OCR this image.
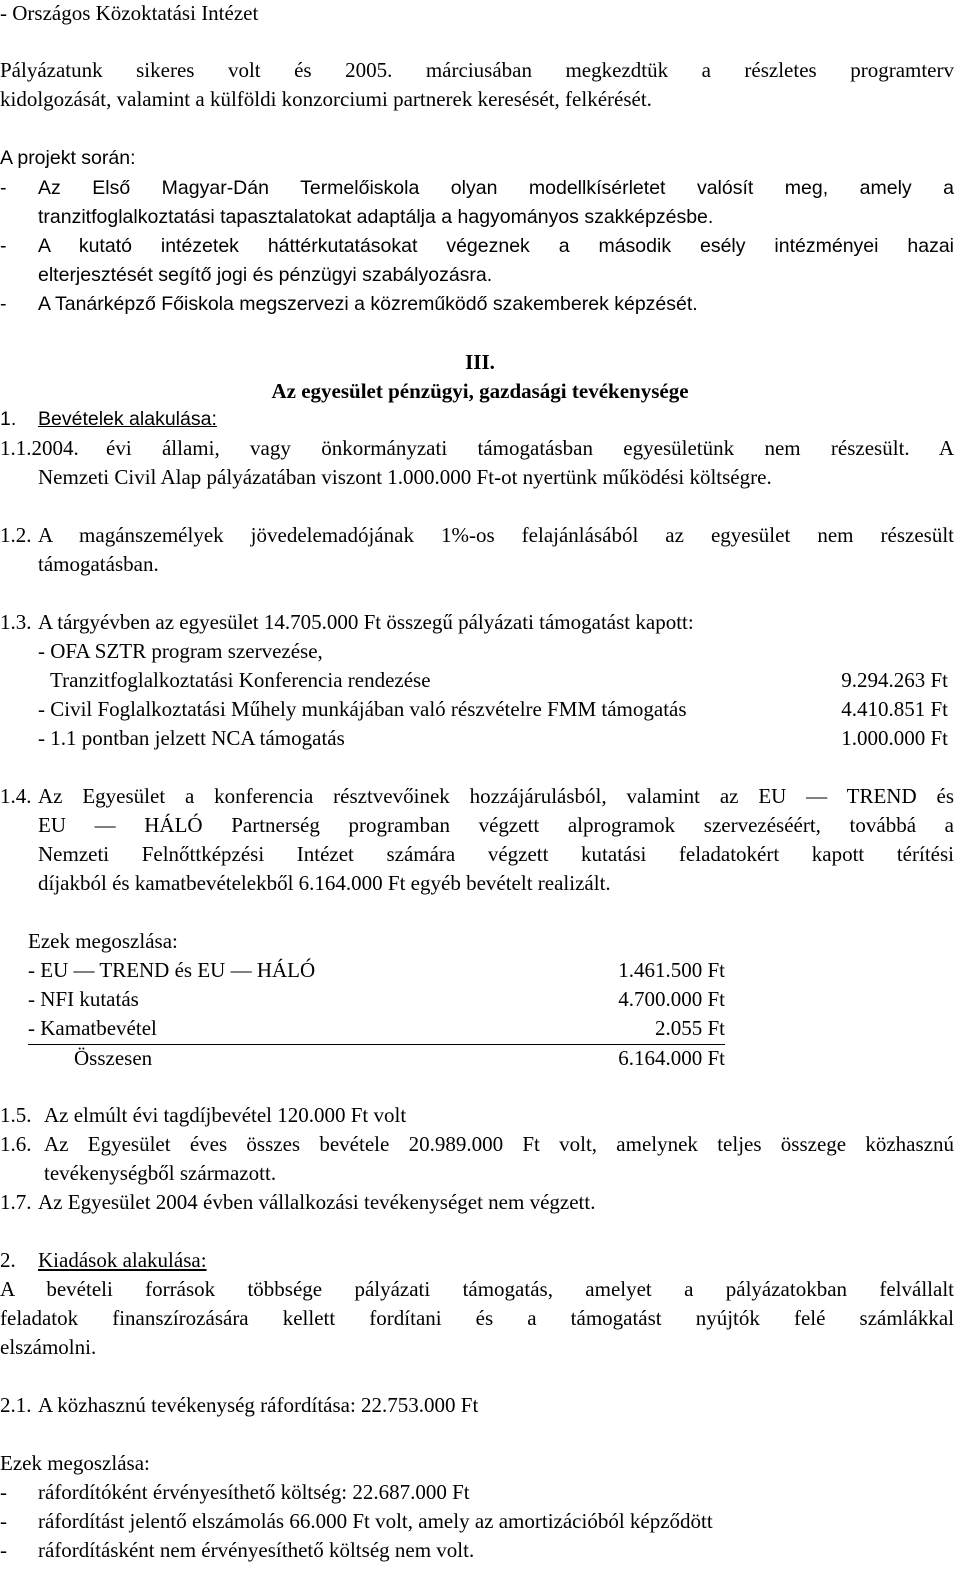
- Országos Közoktatási Intézet
Pályázatunk sikeres volt és 2005. márciusában megkezdtük a részletes programterv
kidolgozását, valamint a külföldi konzorciumi partnerek keresését, felkérését.
A projekt során:
- Az Első Magyar-Dán Termelőiskola olyan modellkísérletet valósít meg, amely a
tranzitfoglalkoztatási tapasztalatokat adaptálja a hagyományos szakképzésbe.
- A kutató intézetek háttérkutatásokat végeznek a második esély intézményei hazai
elterjesztését segítő jogi és pénzügyi szabályozásra.
- A Tanárképző Főiskola megszervezi a közreműködő szakemberek képzését.
III.
Az egyesület pénzügyi, gazdasági tevékenysége
1. Bevételek alakulása:
1.1.2004. évi állami, vagy önkormányzati támogatásban egyesületünk nem részesült. A
Nemzeti Civil Alap pályázatában viszont 1.000.000 Ft-ot nyertünk működési költségre.
1.2. A magánszemélyek jövedelemadójának 1%-os felajánlásából az egyesület nem részesült
támogatásban.
1.3. A tárgyévben az egyesület 14.705.000 Ft összegű pályázati támogatást kapott:
- OFA SZTR program szervezése,
Tranzitfoglalkoztatási Konferencia rendezése	9.294.263 Ft
- Civil Foglalkoztatási Műhely munkájában való részvételre FMM támogatás	4.410.851 Ft
- 1.1 pontban jelzett NCA támogatás	1.000.000 Ft
1.4. Az Egyesület a konferencia résztvevőinek hozzájárulásból, valamint az EU — TREND és
EU — HÁLÓ Partnerség programban végzett alprogramok szervezéséért, továbbá a
Nemzeti Felnőttképzési Intézet számára végzett kutatási feladatokért kapott térítési
díjakból és kamatbevételekből 6.164.000 Ft egyéb bevételt realizált.
Ezek megoszlása:
- EU — TREND és EU — HÁLÓ	1.461.500 Ft
- NFI kutatás	4.700.000 Ft
- Kamatbevétel	2.055 Ft
Összesen	6.164.000 Ft
1.5. Az elmúlt évi tagdíjbevétel 120.000 Ft volt
1.6. Az Egyesület éves összes bevétele 20.989.000 Ft volt, amelynek teljes összege közhasznú
tevékenységből származott.
1.7. Az Egyesület 2004 évben vállalkozási tevékenységet nem végzett.
2. Kiadások alakulása:
A bevételi források többsége pályázati támogatás, amelyet a pályázatokban felvállalt
feladatok finanszírozására kellett fordítani és a támogatást nyújtók felé számlákkal
elszámolni.
2.1. A közhasznú tevékenység ráfordítása: 22.753.000 Ft
Ezek megoszlása:
- ráfordítóként érvényesíthető költség: 22.687.000 Ft
- ráfordítást jelentő elszámolás 66.000 Ft volt, amely az amortizációból képződött
- ráfordításként nem érvényesíthető költség nem volt.
